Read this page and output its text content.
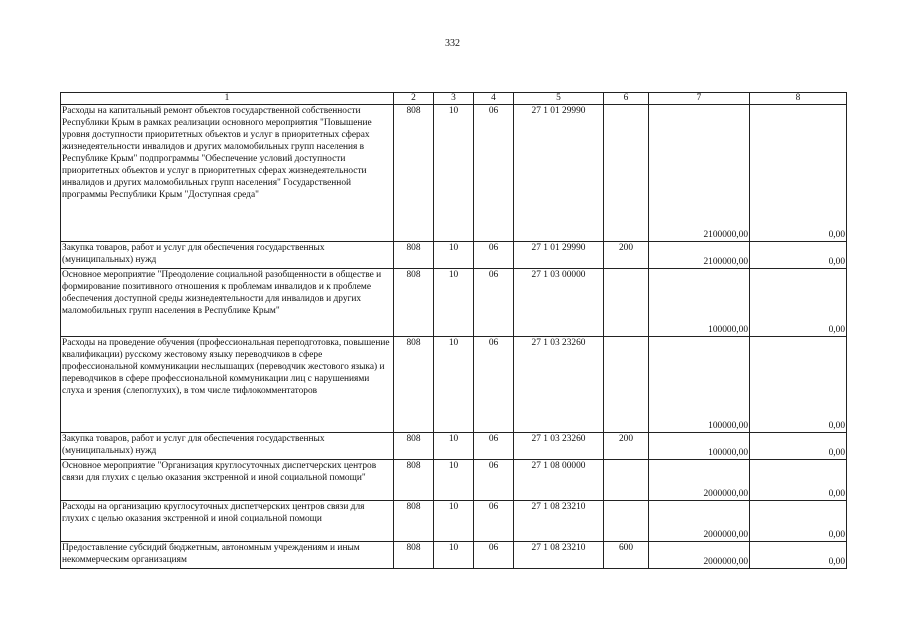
332
1	2	3	4	5	6	7	8
Расходы на капитальный ремонт объектов государственной собственности Республики Крым в рамках реализации основного мероприятия "Повышение уровня доступности приоритетных объектов и услуг в приоритетных сферах жизнедеятельности инвалидов и других маломобильных групп населения в Республике Крым" подпрограммы "Обеспечение условий доступности приоритетных объектов и услуг в приоритетных сферах жизнедеятельности инвалидов и других маломобильных групп населения" Государственной программы Республики Крым "Доступная среда"	808	10	06	27 1 01 29990		2100000,00	0,00
Закупка товаров, работ и услуг для обеспечения государственных (муниципальных) нужд	808	10	06	27 1 01 29990	200	2100000,00	0,00
Основное мероприятие "Преодоление социальной разобщенности в обществе и формирование позитивного отношения к проблемам инвалидов и к проблеме обеспечения доступной среды жизнедеятельности для инвалидов и других маломобильных групп населения в Республике Крым"	808	10	06	27 1 03 00000		100000,00	0,00
Расходы на проведение обучения (профессиональная переподготовка, повышение квалификации) русскому жестовому языку переводчиков в сфере профессиональной коммуникации неслышащих (переводчик жестового языка) и переводчиков в сфере профессиональной коммуникации лиц с нарушениями слуха и зрения (слепоглухих), в том числе тифлокомментаторов	808	10	06	27 1 03 23260		100000,00	0,00
Закупка товаров, работ и услуг для обеспечения государственных (муниципальных) нужд	808	10	06	27 1 03 23260	200	100000,00	0,00
Основное мероприятие "Организация круглосуточных диспетчерских центров связи для глухих с целью оказания экстренной и иной социальной помощи"	808	10	06	27 1 08 00000		2000000,00	0,00
Расходы на организацию круглосуточных диспетчерских центров связи для глухих с целью оказания экстренной и иной социальной помощи	808	10	06	27 1 08 23210		2000000,00	0,00
Предоставление субсидий бюджетным, автономным учреждениям и иным некоммерческим организациям	808	10	06	27 1 08 23210	600	2000000,00	0,00
